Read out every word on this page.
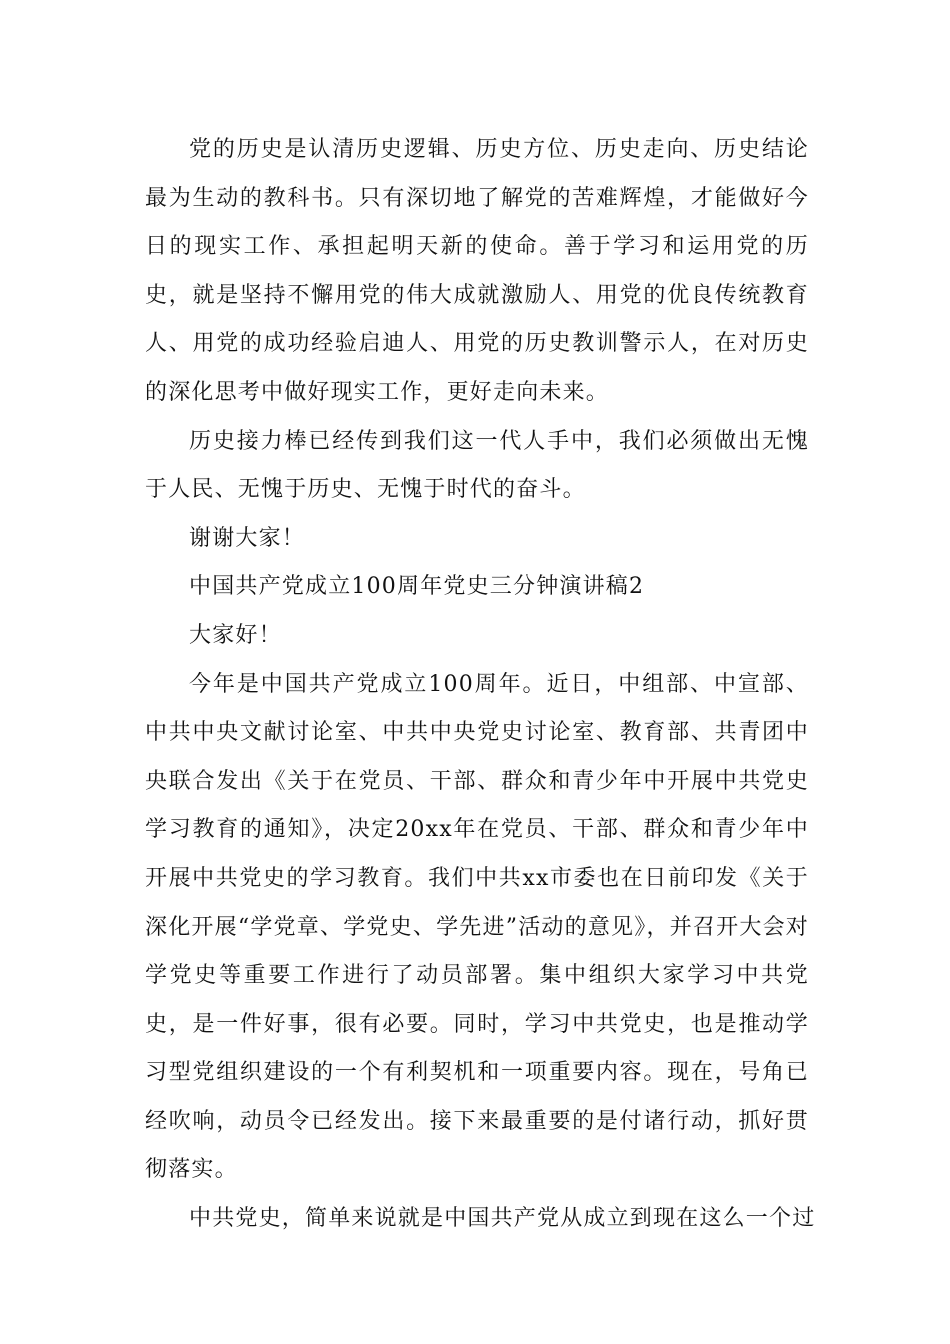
党的历史是认清历史逻辑、历史方位、历史走向、历史结论最为生动的教科书。只有深切地了解党的苦难辉煌，才能做好今日的现实工作、承担起明天新的使命。善于学习和运用党的历史，就是坚持不懈用党的伟大成就激励人、用党的优良传统教育人、用党的成功经验启迪人、用党的历史教训警示人，在对历史的深化思考中做好现实工作，更好走向未来。

历史接力棒已经传到我们这一代人手中，我们必须做出无愧于人民、无愧于历史、无愧于时代的奋斗。

谢谢大家！

中国共产党成立100周年党史三分钟演讲稿2

大家好！

今年是中国共产党成立100周年。近日，中组部、中宣部、中共中央文献讨论室、中共中央党史讨论室、教育部、共青团中央联合发出《关于在党员、干部、群众和青少年中开展中共党史学习教育的通知》，决定20xx年在党员、干部、群众和青少年中开展中共党史的学习教育。我们中共xx市委也在日前印发《关于深化开展“学党章、学党史、学先进”活动的意见》，并召开大会对学党史等重要工作进行了动员部署。集中组织大家学习中共党史，是一件好事，很有必要。同时，学习中共党史，也是推动学习型党组织建设的一个有利契机和一项重要内容。现在，号角已经吹响，动员令已经发出。接下来最重要的是付诸行动，抓好贯彻落实。

中共党史，简单来说就是中国共产党从成立到现在这么一个过
